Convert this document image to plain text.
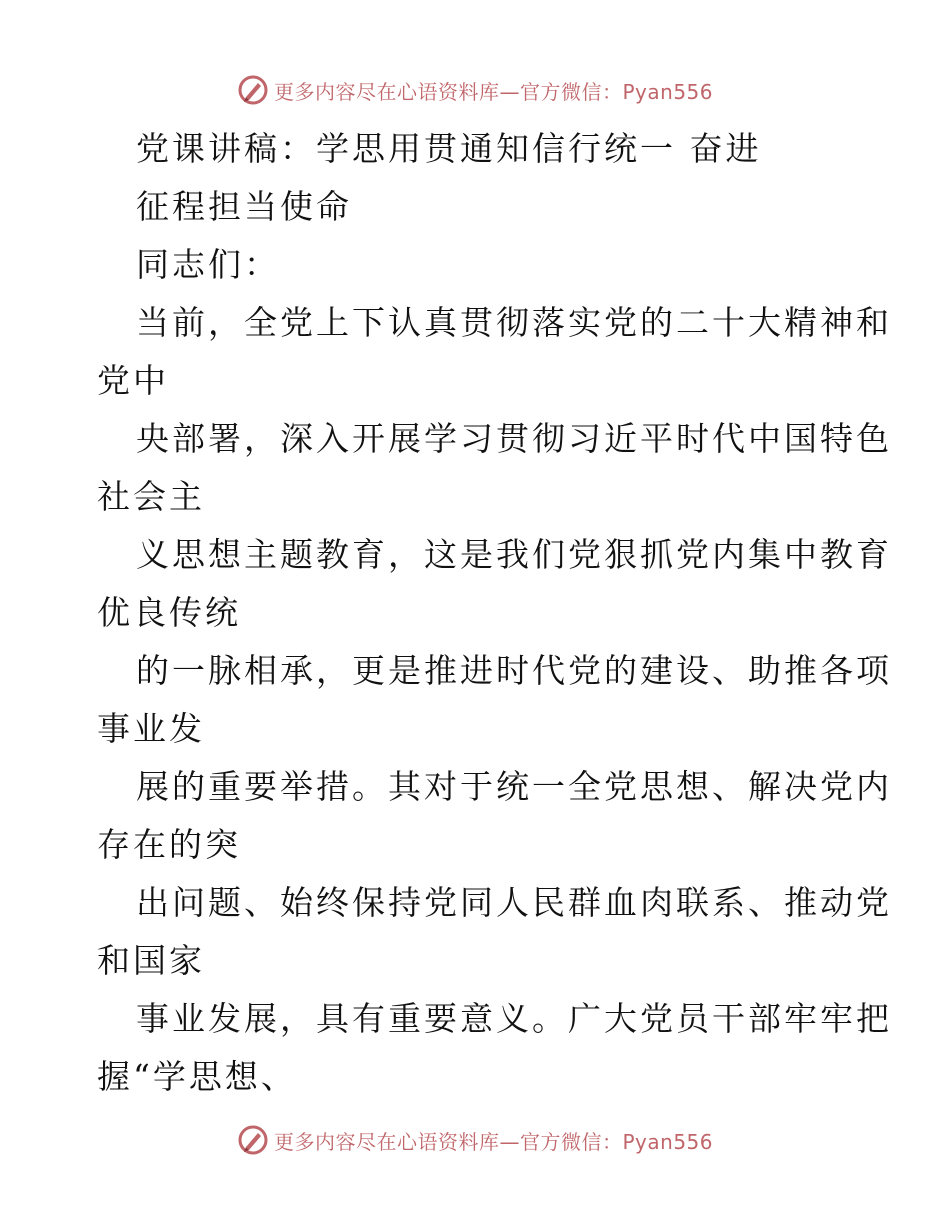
更多内容尽在心语资料库—官方微信：Pyan556
党课讲稿：学思用贯通知信行统一 奋进
征程担当使命
同志们：
当前，全党上下认真贯彻落实党的二十大精神和
党中
央部署，深入开展学习贯彻习近平时代中国特色
社会主
义思想主题教育，这是我们党狠抓党内集中教育
优良传统
的一脉相承，更是推进时代党的建设、助推各项
事业发
展的重要举措。其对于统一全党思想、解决党内
存在的突
出问题、始终保持党同人民群血肉联系、推动党
和国家
事业发展，具有重要意义。广大党员干部牢牢把
握“学思想、
更多内容尽在心语资料库—官方微信：Pyan556
